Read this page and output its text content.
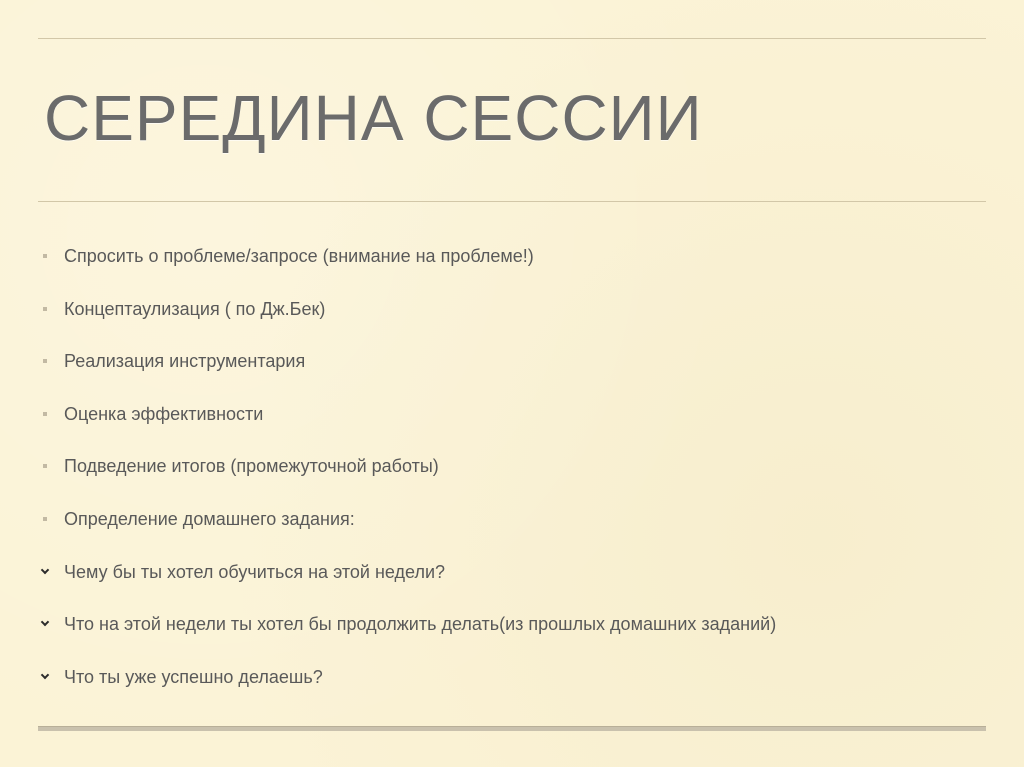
СЕРЕДИНА СЕССИИ
Спросить о проблеме/запросе (внимание на проблеме!)
Концептаулизация ( по Дж.Бек)
Реализация инструментария
Оценка эффективности
Подведение итогов (промежуточной работы)
Определение домашнего задания:
Чему бы ты хотел обучиться на этой недели?
Что на этой недели ты хотел бы продолжить делать(из прошлых домашних заданий)
Что ты уже успешно делаешь?
